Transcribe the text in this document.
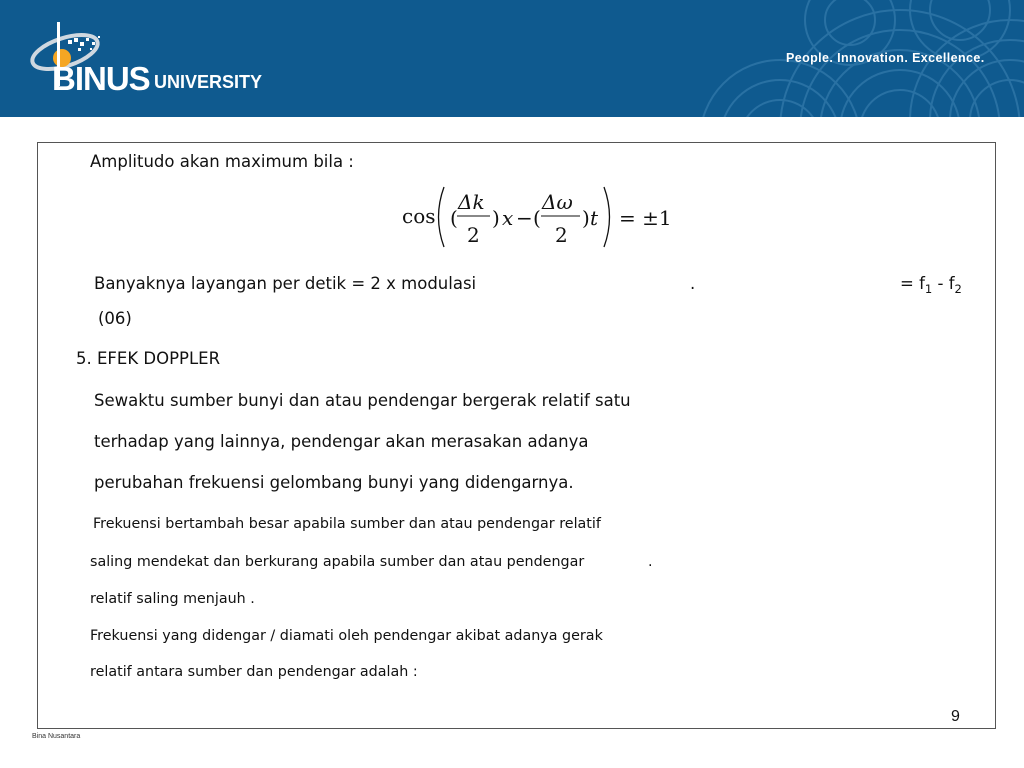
BINUS UNIVERSITY
People. Innovation. Excellence.
Amplitudo akan maximum bila :
cos (
Δk
2
) x − (
Δω
2
) t = ±1
Banyaknya layangan per detik = 2 x modulasi	.	= $f_1 - f_2$
(06)
5. EFEK DOPPLER
Sewaktu sumber bunyi dan atau pendengar bergerak relatif satu
terhadap yang lainnya, pendengar akan merasakan adanya
perubahan frekuensi gelombang bunyi yang didengarnya.
Frekuensi bertambah besar apabila sumber dan atau pendengar relatif
saling mendekat dan berkurang apabila sumber dan atau pendengar	.
relatif saling menjauh .
Frekuensi yang didengar / diamati oleh pendengar akibat adanya gerak
relatif antara sumber dan pendengar adalah :
9
Bina Nusantara
